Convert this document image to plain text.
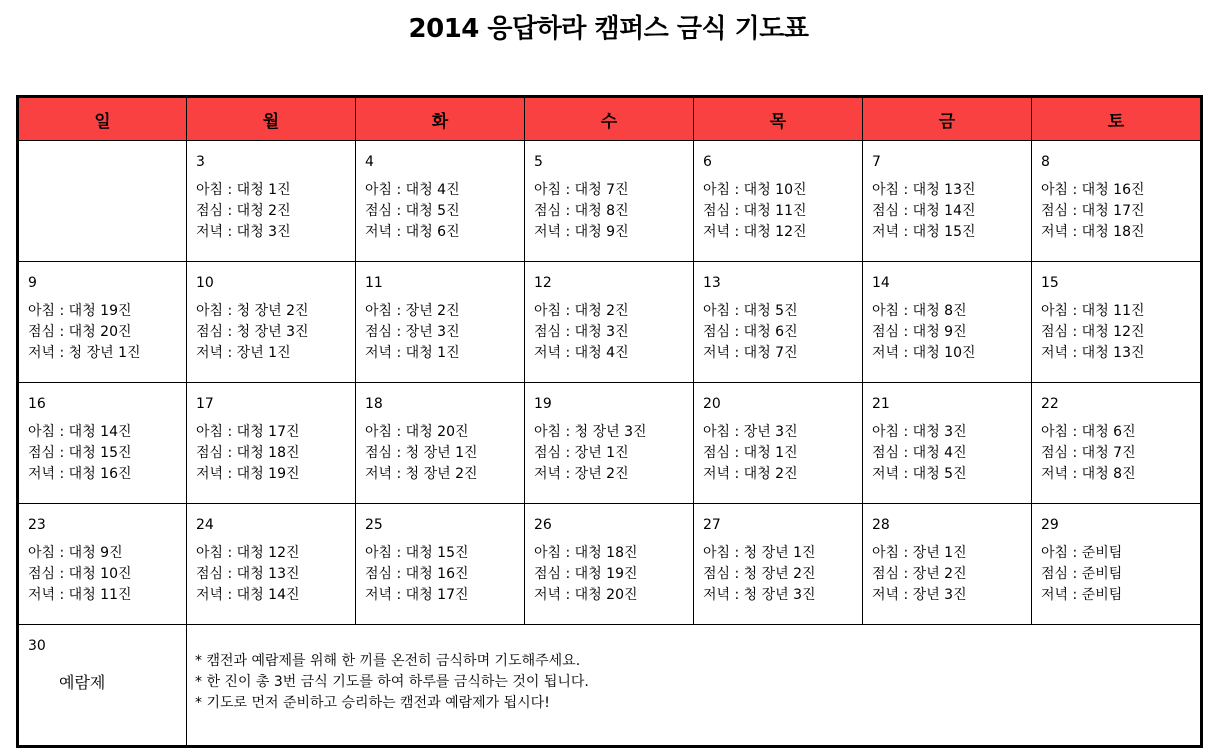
2014 응답하라 캠퍼스 금식 기도표
일	월	화	수	목	금	토

	3
아침 : 대청 1진
점심 : 대청 2진
저녁 : 대청 3진	4
아침 : 대청 4진
점심 : 대청 5진
저녁 : 대청 6진	5
아침 : 대청 7진
점심 : 대청 8진
저녁 : 대청 9진	6
아침 : 대청 10진
점심 : 대청 11진
저녁 : 대청 12진	7
아침 : 대청 13진
점심 : 대청 14진
저녁 : 대청 15진	8
아침 : 대청 16진
점심 : 대청 17진
저녁 : 대청 18진

9
아침 : 대청 19진
점심 : 대청 20진
저녁 : 청 장년 1진	10
아침 : 청 장년 2진
점심 : 청 장년 3진
저녁 : 장년 1진	11
아침 : 장년 2진
점심 : 장년 3진
저녁 : 대청 1진	12
아침 : 대청 2진
점심 : 대청 3진
저녁 : 대청 4진	13
아침 : 대청 5진
점심 : 대청 6진
저녁 : 대청 7진	14
아침 : 대청 8진
점심 : 대청 9진
저녁 : 대청 10진	15
아침 : 대청 11진
점심 : 대청 12진
저녁 : 대청 13진

16
아침 : 대청 14진
점심 : 대청 15진
저녁 : 대청 16진	17
아침 : 대청 17진
점심 : 대청 18진
저녁 : 대청 19진	18
아침 : 대청 20진
점심 : 청 장년 1진
저녁 : 청 장년 2진	19
아침 : 청 장년 3진
점심 : 장년 1진
저녁 : 장년 2진	20
아침 : 장년 3진
점심 : 대청 1진
저녁 : 대청 2진	21
아침 : 대청 3진
점심 : 대청 4진
저녁 : 대청 5진	22
아침 : 대청 6진
점심 : 대청 7진
저녁 : 대청 8진

23
아침 : 대청 9진
점심 : 대청 10진
저녁 : 대청 11진	24
아침 : 대청 12진
점심 : 대청 13진
저녁 : 대청 14진	25
아침 : 대청 15진
점심 : 대청 16진
저녁 : 대청 17진	26
아침 : 대청 18진
점심 : 대청 19진
저녁 : 대청 20진	27
아침 : 청 장년 1진
점심 : 청 장년 2진
저녁 : 청 장년 3진	28
아침 : 장년 1진
점심 : 장년 2진
저녁 : 장년 3진	29
아침 : 준비팀
점심 : 준비팀
저녁 : 준비팀

30
예람제	* 캠전과 예람제를 위해 한 끼를 온전히 금식하며 기도해주세요.
* 한 진이 총 3번 금식 기도를 하여 하루를 금식하는 것이 됩니다.
* 기도로 먼저 준비하고 승리하는 캠전과 예람제가 됩시다!					
